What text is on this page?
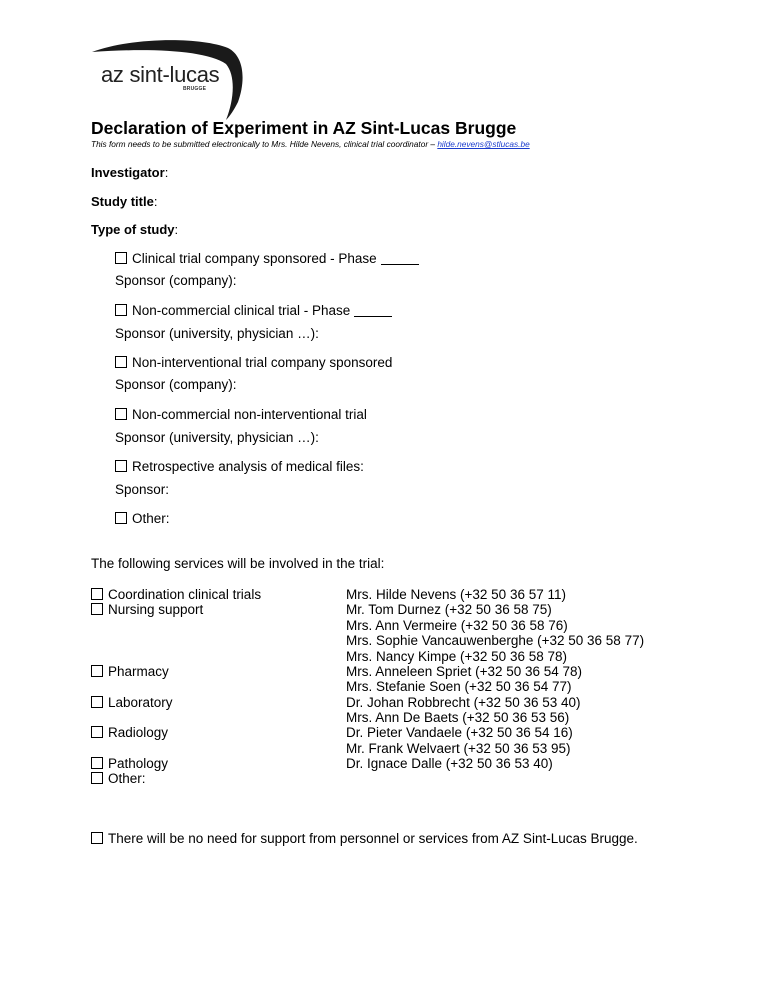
az sint-lucas
BRUGGE
Declaration of Experiment in AZ Sint-Lucas Brugge
This form needs to be submitted electronically to Mrs. Hilde Nevens, clinical trial coordinator – hilde.nevens@stlucas.be
Investigator:
Study title:
Type of study:
Clinical trial company sponsored - Phase
Sponsor (company):
Non-commercial clinical trial - Phase
Sponsor (university, physician …):
Non-interventional trial company sponsored
Sponsor (company):
Non-commercial non-interventional trial
Sponsor (university, physician …):
Retrospective analysis of medical files:
Sponsor:
Other:
The following services will be involved in the trial:
Coordination clinical trials
Nursing support
Pharmacy
Laboratory
Radiology
Pathology
Other:
Mrs. Hilde Nevens (+32 50 36 57 11)
Mr. Tom Durnez (+32 50 36 58 75)
Mrs. Ann Vermeire (+32 50 36 58 76)
Mrs. Sophie Vancauwenberghe (+32 50 36 58 77)
Mrs. Nancy Kimpe (+32 50 36 58 78)
Mrs. Anneleen Spriet (+32 50 36 54 78)
Mrs. Stefanie Soen (+32 50 36 54 77)
Dr. Johan Robbrecht (+32 50 36 53 40)
Mrs. Ann De Baets (+32 50 36 53 56)
Dr. Pieter Vandaele (+32 50 36 54 16)
Mr. Frank Welvaert (+32 50 36 53 95)
Dr. Ignace Dalle (+32 50 36 53 40)
There will be no need for support from personnel or services from AZ Sint-Lucas Brugge.
